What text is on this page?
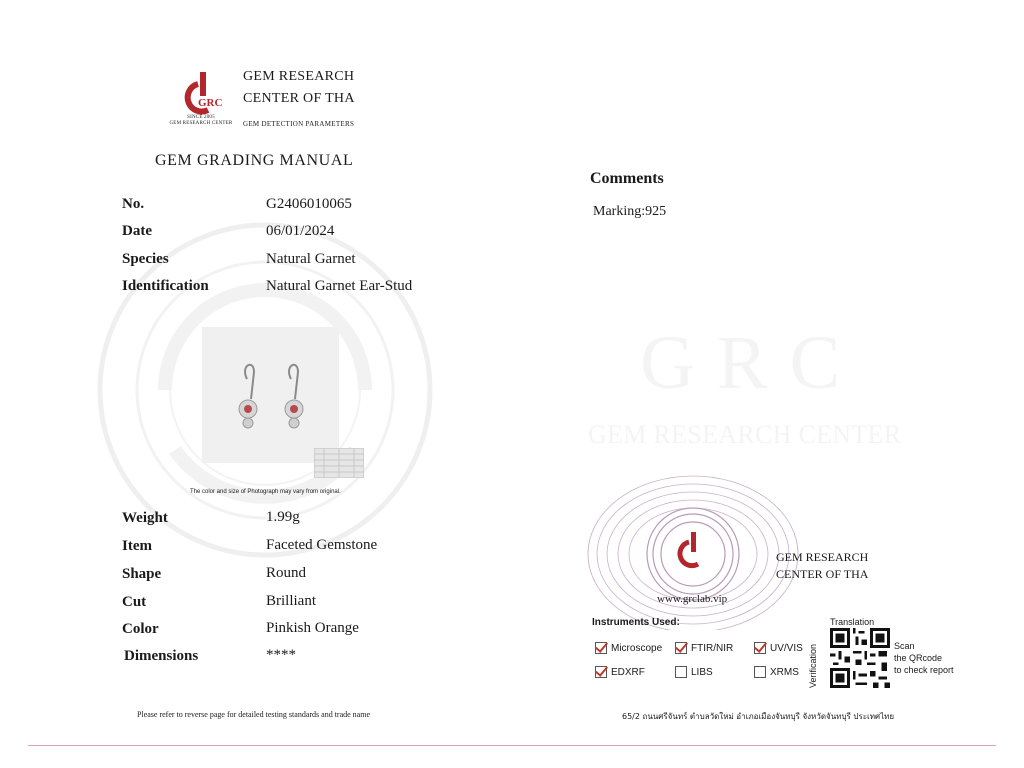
GRC
SINCE 2005
GEM RESEARCH CENTER
GEM RESEARCH
CENTER OF THA
GEM DETECTION PARAMETERS
GEM GRADING MANUAL
No.	G2406010065
Date	06/01/2024
Species	Natural Garnet
Identification	Natural Garnet Ear-Stud
The color and size of Photograph may vary from original.
Weight	1.99g
Item	Faceted Gemstone
Shape	Round
Cut	Brilliant
Color	Pinkish Orange
Dimensions	****
Comments
Marking:925
GRC
GEM RESEARCH CENTER
GEM RESEARCH
CENTER OF THA
www.grclab.vip
Instruments Used:
Microscope	FTIR/NIR	UV/VIS
EDXRF	LIBS	XRMS
Translation
Verification	Scan
the QRcode
to check report
Please refer to reverse page for detailed testing standards and trade name	65/2 ถนนศรีจันทร์ ตำบลวัดใหม่ อำเภอเมืองจันทบุรี จังหวัดจันทบุรี ประเทศไทย
